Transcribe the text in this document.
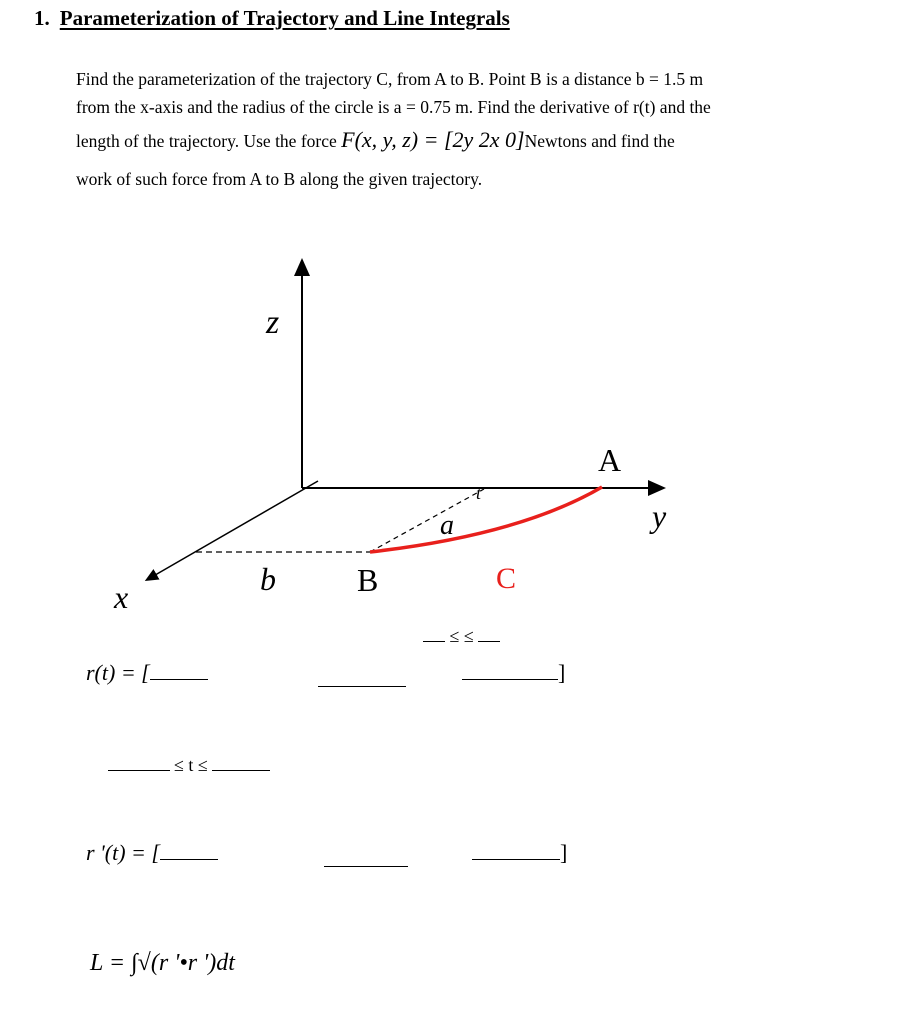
1. Parameterization of Trajectory and Line Integrals
Find the parameterization of the trajectory C, from A to B. Point B is a distance b = 1.5 m
from the x-axis and the radius of the circle is a = 0.75 m. Find the derivative of r(t) and the
length of the trajectory. Use the force F(x, y, z) = [2y 2x 0]Newtons and find the
work of such force from A to B along the given trajectory.
z
y
x
a
t
b
A
B	C
≤ ≤
r(t) = [	]
≤ t ≤
r '(t) = [	]
L = ∫√(r '•r ')dt
